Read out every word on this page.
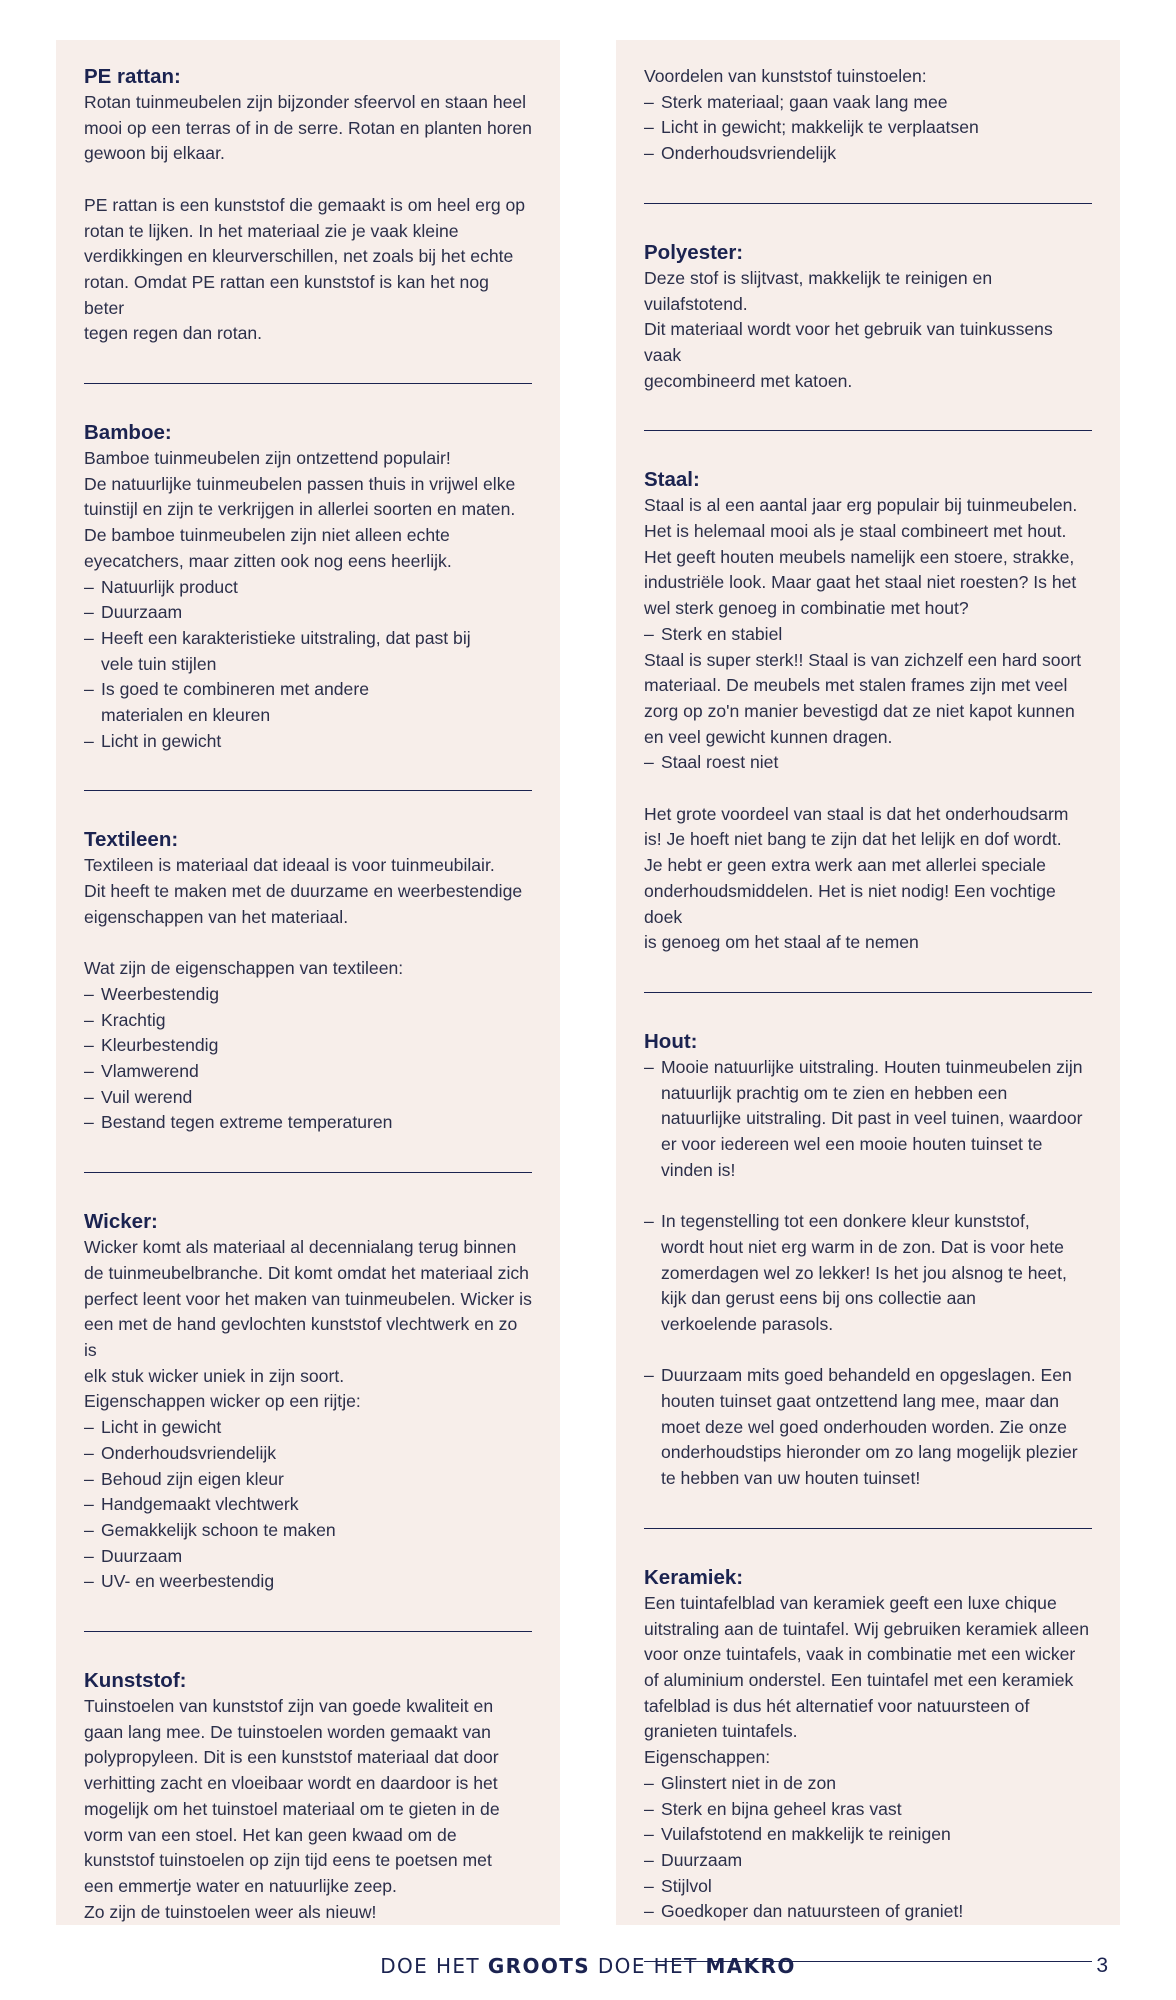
PE rattan:

Rotan tuinmeubelen zijn bijzonder sfeervol en staan heel
mooi op een terras of in de serre. Rotan en planten horen
gewoon bij elkaar.

PE rattan is een kunststof die gemaakt is om heel erg op
rotan te lijken. In het materiaal zie je vaak kleine
verdikkingen en kleurverschillen, net zoals bij het echte
rotan. Omdat PE rattan een kunststof is kan het nog beter
tegen regen dan rotan.

Bamboe:

Bamboe tuinmeubelen zijn ontzettend populair!
De natuurlijke tuinmeubelen passen thuis in vrijwel elke
tuinstijl en zijn te verkrijgen in allerlei soorten en maten.
De bamboe tuinmeubelen zijn niet alleen echte
eyecatchers, maar zitten ook nog eens heerlijk.

– Natuurlijk product
– Duurzaam
– Heeft een karakteristieke uitstraling, dat past bij vele tuin stijlen
– Is goed te combineren met andere materialen en kleuren
– Licht in gewicht
Textileen:

Textileen is materiaal dat ideaal is voor tuinmeubilair.
Dit heeft te maken met de duurzame en weerbestendige
eigenschappen van het materiaal.

Wat zijn de eigenschappen van textileen:

– Weerbestendig
– Krachtig
– Kleurbestendig
– Vlamwerend
– Vuil werend
– Bestand tegen extreme temperaturen
Wicker:

Wicker komt als materiaal al decennialang terug binnen
de tuinmeubelbranche. Dit komt omdat het materiaal zich
perfect leent voor het maken van tuinmeubelen. Wicker is
een met de hand gevlochten kunststof vlechtwerk en zo is
elk stuk wicker uniek in zijn soort.
Eigenschappen wicker op een rijtje:

– Licht in gewicht
– Onderhoudsvriendelijk
– Behoud zijn eigen kleur
– Handgemaakt vlechtwerk
– Gemakkelijk schoon te maken
– Duurzaam
– UV- en weerbestendig
Kunststof:

Tuinstoelen van kunststof zijn van goede kwaliteit en
gaan lang mee. De tuinstoelen worden gemaakt van
polypropyleen. Dit is een kunststof materiaal dat door
verhitting zacht en vloeibaar wordt en daardoor is het
mogelijk om het tuinstoel materiaal om te gieten in de
vorm van een stoel. Het kan geen kwaad om de
kunststof tuinstoelen op zijn tijd eens te poetsen met
een emmertje water en natuurlijke zeep.
Zo zijn de tuinstoelen weer als nieuw!

Voordelen van kunststof tuinstoelen:

– Sterk materiaal; gaan vaak lang mee
– Licht in gewicht; makkelijk te verplaatsen
– Onderhoudsvriendelijk
Polyester:

Deze stof is slijtvast, makkelijk te reinigen en vuilafstotend.
Dit materiaal wordt voor het gebruik van tuinkussens vaak
gecombineerd met katoen.

Staal:

Staal is al een aantal jaar erg populair bij tuinmeubelen.
Het is helemaal mooi als je staal combineert met hout.
Het geeft houten meubels namelijk een stoere, strakke,
industriële look. Maar gaat het staal niet roesten? Is het
wel sterk genoeg in combinatie met hout?

– Sterk en stabiel

Staal is super sterk!! Staal is van zichzelf een hard soort
materiaal. De meubels met stalen frames zijn met veel
zorg op zo'n manier bevestigd dat ze niet kapot kunnen
en veel gewicht kunnen dragen.

– Staal roest niet

Het grote voordeel van staal is dat het onderhoudsarm
is! Je hoeft niet bang te zijn dat het lelijk en dof wordt.
Je hebt er geen extra werk aan met allerlei speciale
onderhoudsmiddelen. Het is niet nodig! Een vochtige doek
is genoeg om het staal af te nemen

Hout:
– Mooie natuurlijke uitstraling. Houten tuinmeubelen zijn natuurlijk prachtig om te zien en hebben een natuurlijke uitstraling. Dit past in veel tuinen, waardoor er voor iedereen wel een mooie houten tuinset te vinden is!
– In tegenstelling tot een donkere kleur kunststof, wordt hout niet erg warm in de zon. Dat is voor hete zomerdagen wel zo lekker! Is het jou alsnog te heet, kijk dan gerust eens bij ons collectie aan verkoelende parasols.
– Duurzaam mits goed behandeld en opgeslagen. Een houten tuinset gaat ontzettend lang mee, maar dan moet deze wel goed onderhouden worden. Zie onze onderhoudstips hieronder om zo lang mogelijk plezier te hebben van uw houten tuinset!
Keramiek:

Een tuintafelblad van keramiek geeft een luxe chique
uitstraling aan de tuintafel. Wij gebruiken keramiek alleen
voor onze tuintafels, vaak in combinatie met een wicker
of aluminium onderstel. Een tuintafel met een keramiek
tafelblad is dus hét alternatief voor natuursteen of
granieten tuintafels.
Eigenschappen:

– Glinstert niet in de zon
– Sterk en bijna geheel kras vast
– Vuilafstotend en makkelijk te reinigen
– Duurzaam
– Stijlvol
– Goedkoper dan natuursteen of graniet!
DOE HET GROOTS DOE HET MAKRO	3
